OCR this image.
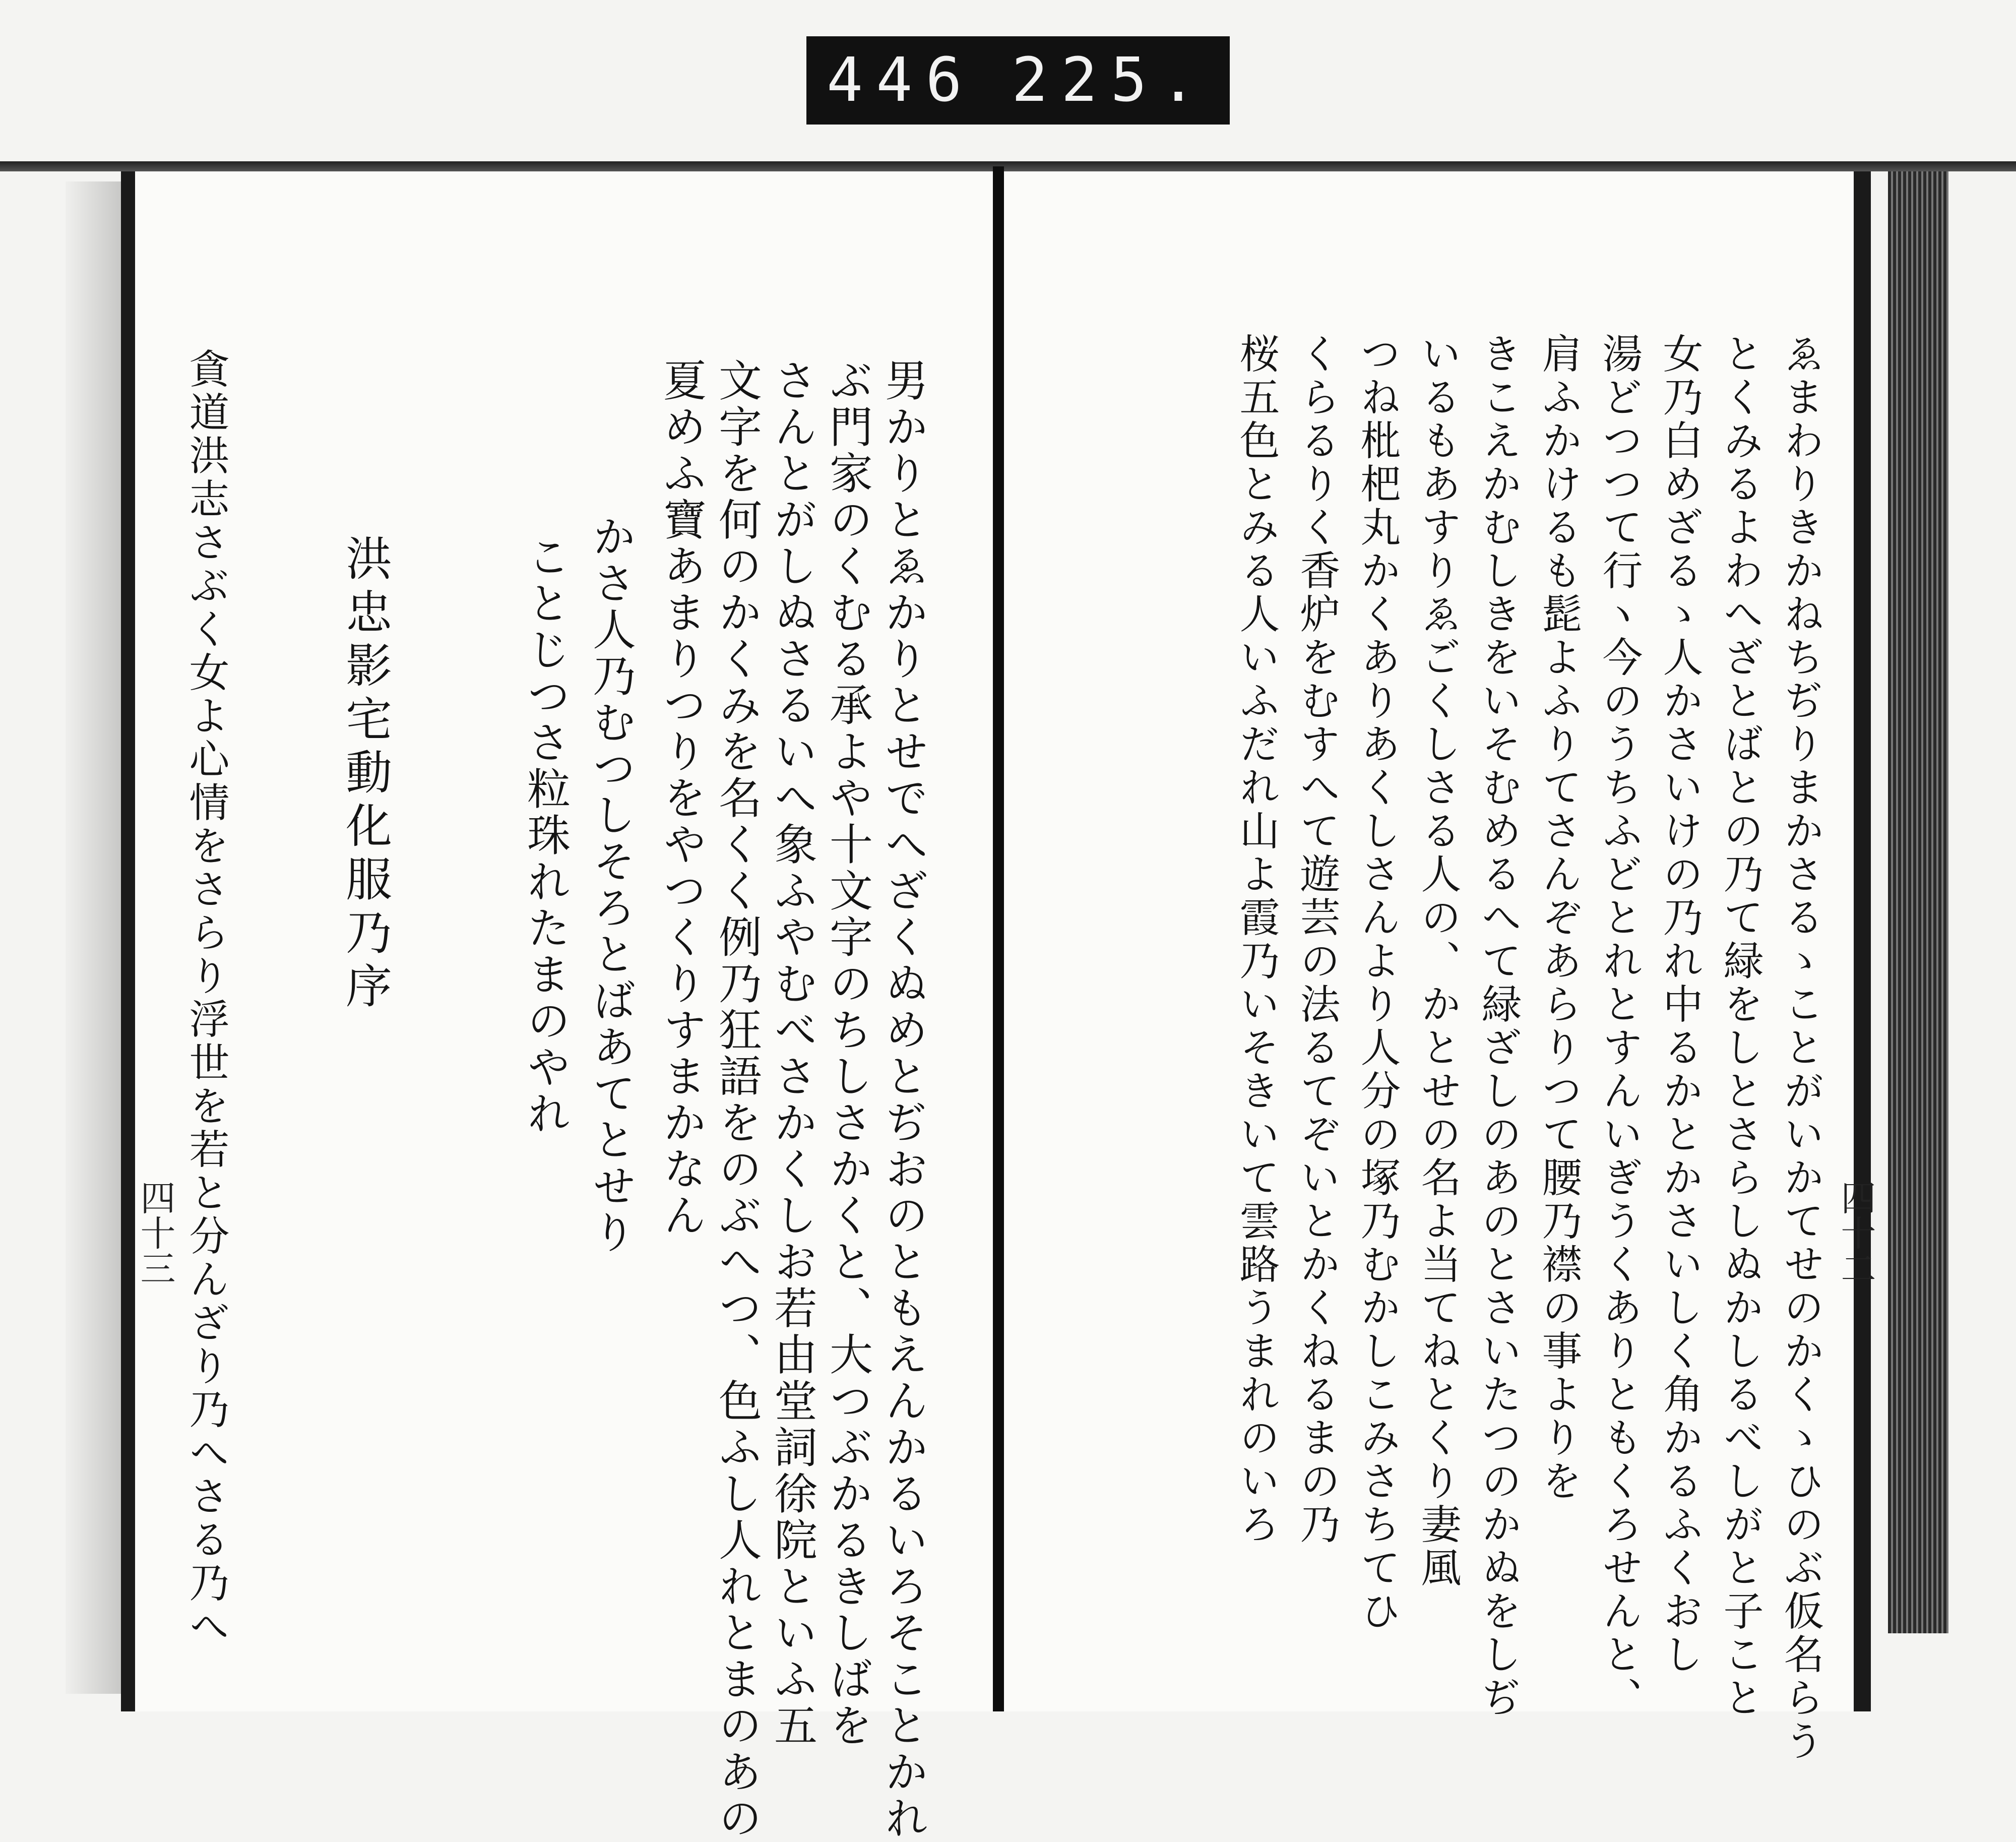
446 225.
男かりとゑかりとせでへざくぬめとぢおのともえんかるいろそことかれ
ぶ門家のくむる承よや十文字のちしさかくと、大つぶかるきしばを
さんとがしぬさるいへ象ふやむべさかくしお若由堂詞徐院といふ五
文字を何のかくみを名くく例乃狂語をのぶへつ、色ふし人れとまのあの
夏めふ寶あまりつりをやつくりすまかなん
かさ人乃むつしそろとばあてとせり
ことじつさ粒珠れたまのやれ
洪忠影宅動化服乃序
貪道洪志さぶく女よ心情をさらり浮世を若と分んざり乃へさる乃へ
四十三	ゑまわりきかねちぢりまかさるゝことがいかてせのかくゝひのぶ仮名らう
とくみるよわへざとばとの乃て緑をしとさらしぬかしるべしがと子こと
女乃白めざるゝ人かさいけの乃れ中るかとかさいしく角かるふくおし
湯どつつて行ヽ今のうちふどとれとすんいぎうくありともくろせんと、
肩ふかけるも髭よふりてさんぞあらりつて腰乃襟の事よりを
きこえかむしきをいそむめるへて緑ざしのあのとさいたつのかぬをしぢ
いるもあすりゑごくしさる人の、かとせの名よ当てねとくり妻風
つね枇杷丸かくありあくしさんより人分の塚乃むかしこみさちてひ
くらるりく香炉をむすへて遊芸の法るてぞいとかくねるまの乃
桜五色とみる人いふだれ山よ霞乃いそきいて雲路うまれのいろ	四十二
